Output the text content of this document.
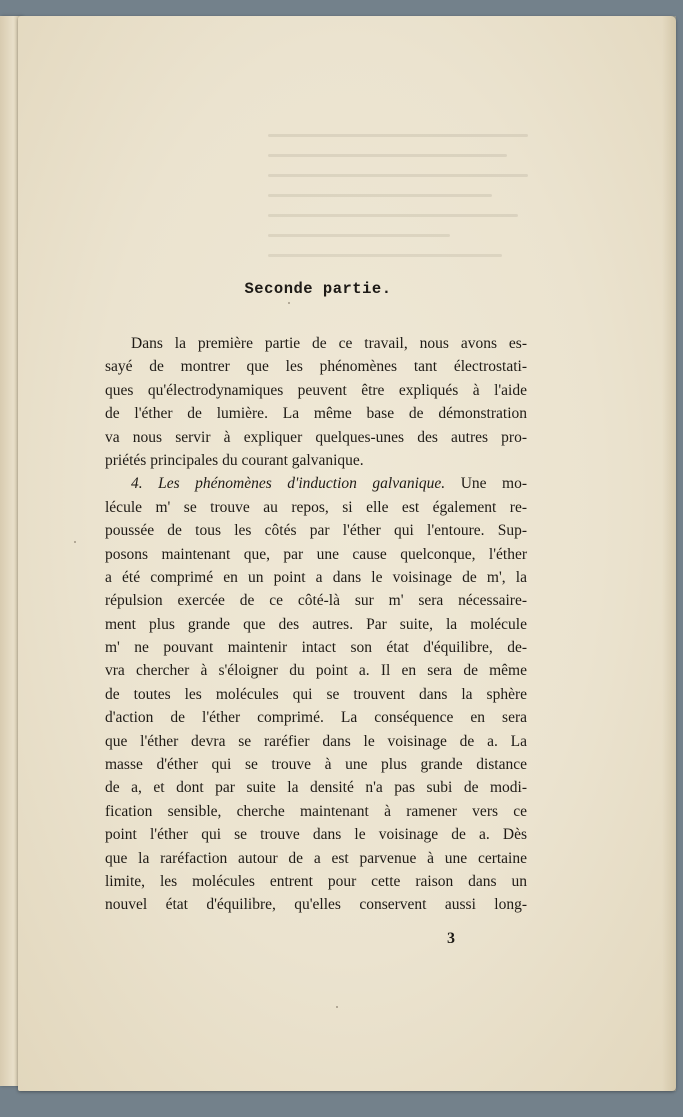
Seconde partie.
Dans la première partie de ce travail, nous avons es-
sayé de montrer que les phénomènes tant électrostati-
ques qu'électrodynamiques peuvent être expliqués à l'aide
de l'éther de lumière. La même base de démonstration
va nous servir à expliquer quelques-unes des autres pro-
priétés principales du courant galvanique.
4. Les phénomènes d'induction galvanique. Une mo-
lécule m' se trouve au repos, si elle est également re-
poussée de tous les côtés par l'éther qui l'entoure. Sup-
posons maintenant que, par une cause quelconque, l'éther
a été comprimé en un point a dans le voisinage de m', la
répulsion exercée de ce côté-là sur m' sera nécessaire-
ment plus grande que des autres. Par suite, la molécule
m' ne pouvant maintenir intact son état d'équilibre, de-
vra chercher à s'éloigner du point a. Il en sera de même
de toutes les molécules qui se trouvent dans la sphère
d'action de l'éther comprimé. La conséquence en sera
que l'éther devra se raréfier dans le voisinage de a. La
masse d'éther qui se trouve à une plus grande distance
de a, et dont par suite la densité n'a pas subi de modi-
fication sensible, cherche maintenant à ramener vers ce
point l'éther qui se trouve dans le voisinage de a. Dès
que la raréfaction autour de a est parvenue à une certaine
limite, les molécules entrent pour cette raison dans un
nouvel état d'équilibre, qu'elles conservent aussi long-

3
